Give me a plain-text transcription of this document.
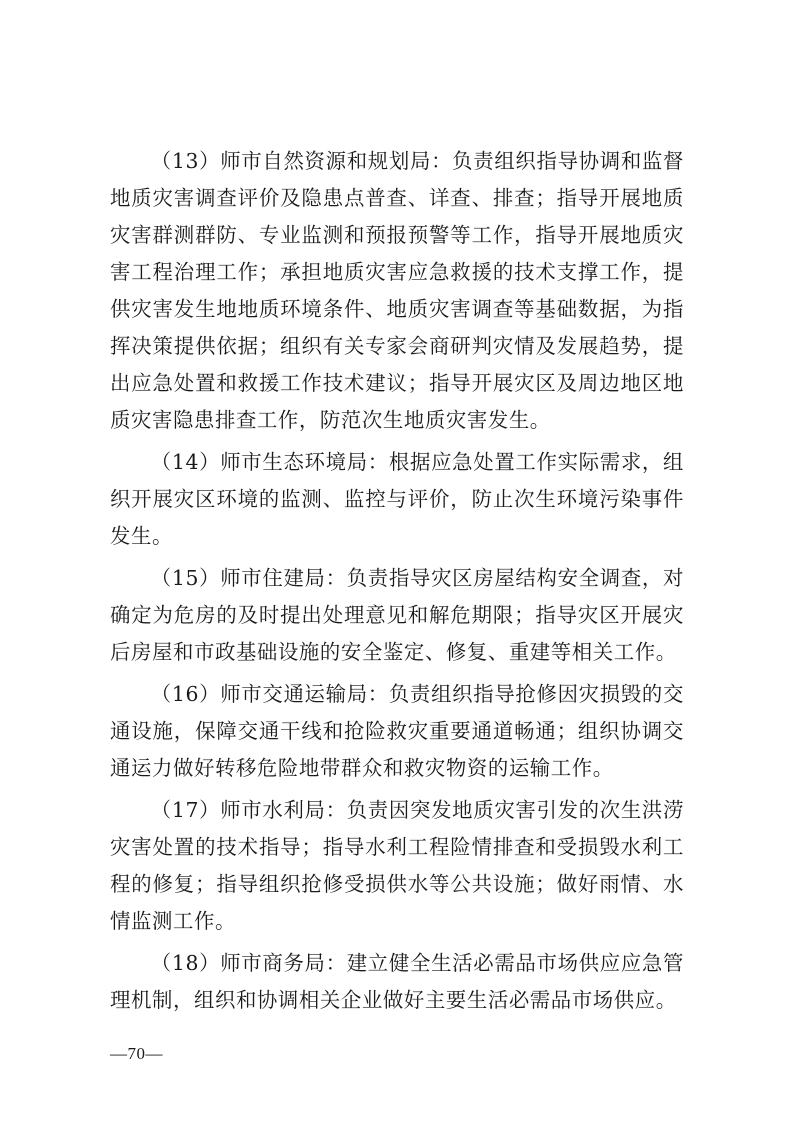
（13）师市自然资源和规划局：负责组织指导协调和监督地质灾害调查评价及隐患点普查、详查、排查；指导开展地质灾害群测群防、专业监测和预报预警等工作，指导开展地质灾害工程治理工作；承担地质灾害应急救援的技术支撑工作，提供灾害发生地地质环境条件、地质灾害调查等基础数据，为指挥决策提供依据；组织有关专家会商研判灾情及发展趋势，提出应急处置和救援工作技术建议；指导开展灾区及周边地区地质灾害隐患排查工作，防范次生地质灾害发生。

（14）师市生态环境局：根据应急处置工作实际需求，组织开展灾区环境的监测、监控与评价，防止次生环境污染事件发生。

（15）师市住建局：负责指导灾区房屋结构安全调查，对确定为危房的及时提出处理意见和解危期限；指导灾区开展灾后房屋和市政基础设施的安全鉴定、修复、重建等相关工作。

（16）师市交通运输局：负责组织指导抢修因灾损毁的交通设施，保障交通干线和抢险救灾重要通道畅通；组织协调交通运力做好转移危险地带群众和救灾物资的运输工作。

（17）师市水利局：负责因突发地质灾害引发的次生洪涝灾害处置的技术指导；指导水利工程险情排查和受损毁水利工程的修复；指导组织抢修受损供水等公共设施；做好雨情、水情监测工作。

（18）师市商务局：建立健全生活必需品市场供应应急管理机制，组织和协调相关企业做好主要生活必需品市场供应。

—70—
